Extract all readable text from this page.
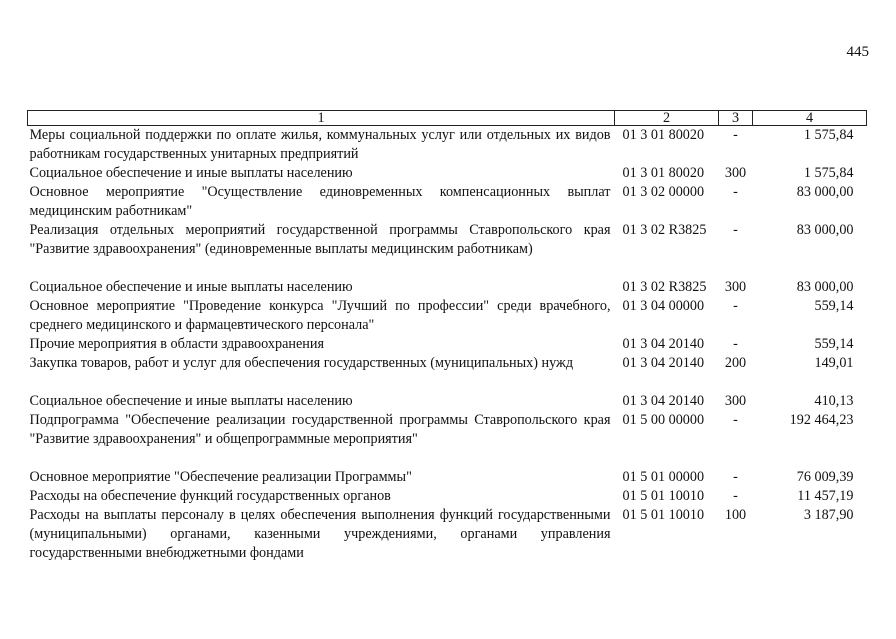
445
1	2	3	4
Меры социальной поддержки по оплате жилья, коммунальных услуг или отдельных их видов работникам государственных унитарных предприятий	01 3 01 80020	-	1 575,84
Социальное обеспечение и иные выплаты населению	01 3 01 80020	300	1 575,84
Основное мероприятие "Осуществление единовременных компенсационных выплат медицинским работникам"	01 3 02 00000	-	83 000,00
Реализация отдельных мероприятий государственной программы Ставропольского края "Развитие здравоохранения" (единовременные выплаты медицинским работникам)	01 3 02 R3825	-	83 000,00

Социальное обеспечение и иные выплаты населению	01 3 02 R3825	300	83 000,00
Основное мероприятие "Проведение конкурса "Лучший по профессии" среди врачебного, среднего медицинского и фармацевтического персонала"	01 3 04 00000	-	559,14
Прочие мероприятия в области здравоохранения	01 3 04 20140	-	559,14
Закупка товаров, работ и услуг для обеспечения государственных (муниципальных) нужд	01 3 04 20140	200	149,01

Социальное обеспечение и иные выплаты населению	01 3 04 20140	300	410,13
Подпрограмма "Обеспечение реализации государственной программы Ставропольского края "Развитие здравоохранения" и общепрограммные мероприятия"	01 5 00 00000	-	192 464,23

Основное мероприятие "Обеспечение реализации Программы"	01 5 01 00000	-	76 009,39
Расходы на обеспечение функций государственных органов	01 5 01 10010	-	11 457,19
Расходы на выплаты персоналу в целях обеспечения выполнения функций государственными (муниципальными) органами, казенными учреждениями, органами управления государственными внебюджетными фондами	01 5 01 10010	100	3 187,90
